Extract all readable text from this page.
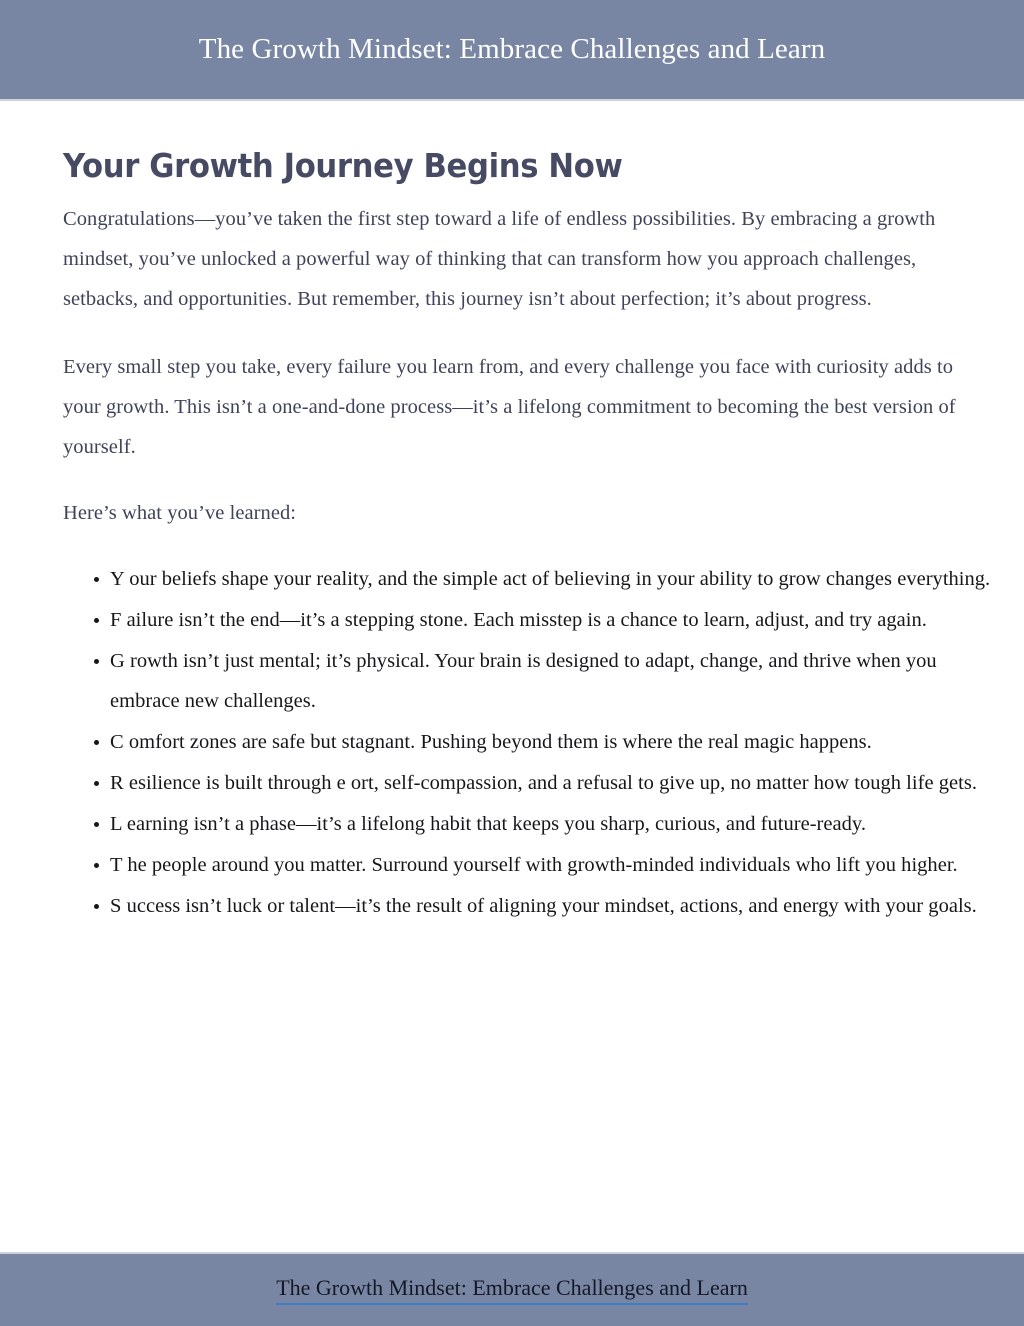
The Growth Mindset: Embrace Challenges and Learn
Your Growth Journey Begins Now

Congratulations—you’ve taken the first step toward a life of endless possibilities. By embracing a growth mindset, you’ve unlocked a powerful way of thinking that can transform how you approach challenges, setbacks, and opportunities. But remember, this journey isn’t about perfection; it’s about progress.

Every small step you take, every failure you learn from, and every challenge you face with curiosity adds to your growth. This isn’t a one-and-done process—it’s a lifelong commitment to becoming the best version of yourself.

Here’s what you’ve learned:

Y our beliefs shape your reality, and the simple act of believing in your ability to grow changes everything.
F ailure isn’t the end—it’s a stepping stone. Each misstep is a chance to learn, adjust, and try again.
G rowth isn’t just mental; it’s physical. Your brain is designed to adapt, change, and thrive when you embrace new challenges.
C omfort zones are safe but stagnant. Pushing beyond them is where the real magic happens.
R esilience is built through e ort, self-compassion, and a refusal to give up, no matter how tough life gets.
L earning isn’t a phase—it’s a lifelong habit that keeps you sharp, curious, and future-ready.
T he people around you matter. Surround yourself with growth-minded individuals who lift you higher.
S uccess isn’t luck or talent—it’s the result of aligning your mindset, actions, and energy with your goals.
The Growth Mindset: Embrace Challenges and Learn
